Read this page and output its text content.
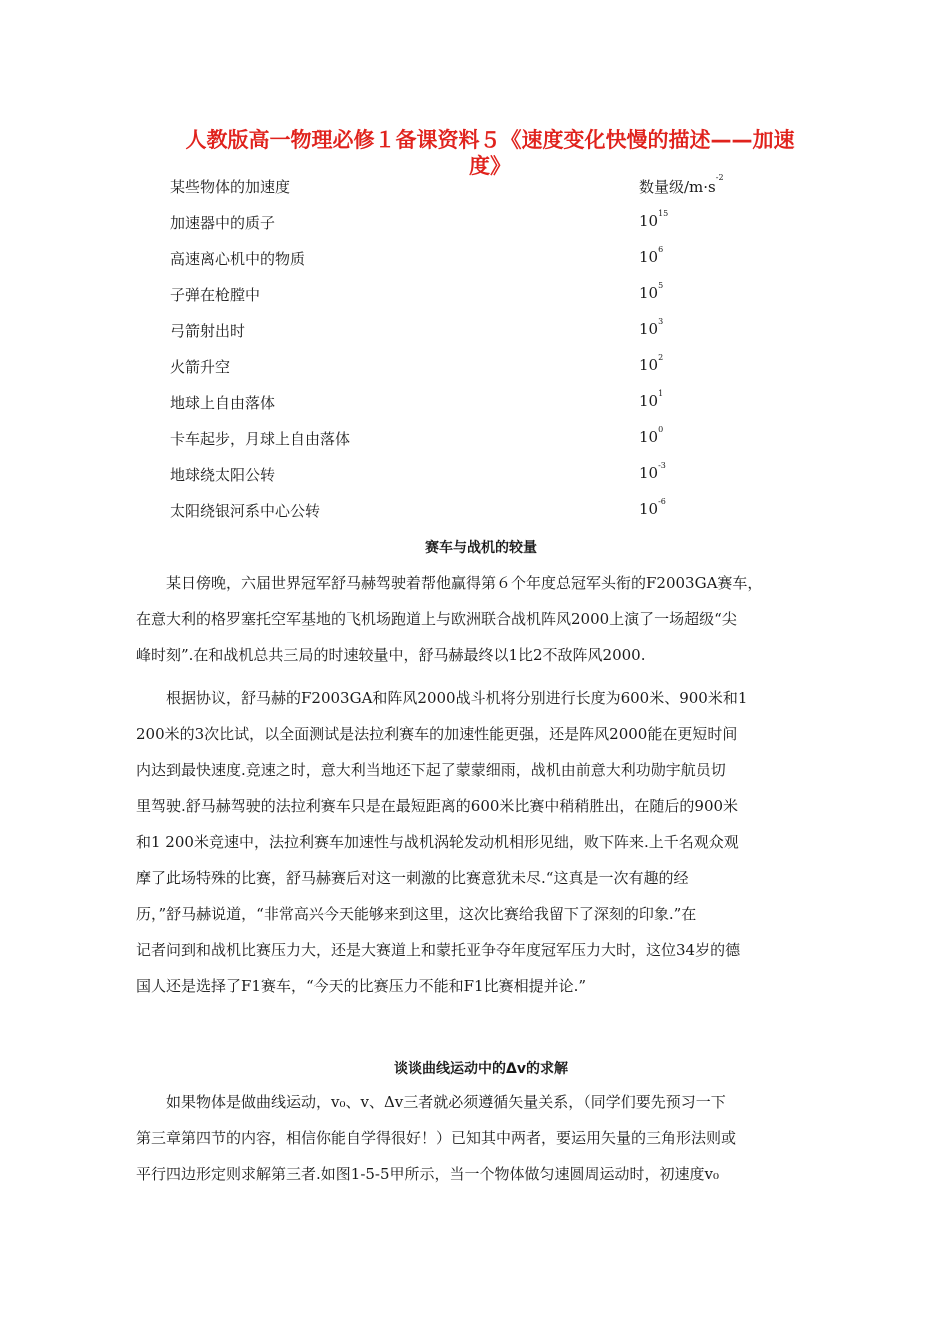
人教版高一物理必修１备课资料５《速度变化快慢的描述——加速
度》
某些物体的加速度	数量级$/m\cdot s^{-2}$
加速器中的质子	$10^{15}$
高速离心机中的物质	$10^6$
子弹在枪膛中	$10^5$
弓箭射出时	$10^3$
火箭升空	$10^2$
地球上自由落体	$10^1$
卡车起步，月球上自由落体	$10^0$
地球绕太阳公转	$10^{-3}$
太阳绕银河系中心公转	$10^{-6}$
赛车与战机的较量
　　某日傍晚，六届世界冠军舒马赫驾驶着帮他赢得第６个年度总冠军头衔的F2003GA赛车，
在意大利的格罗塞托空军基地的飞机场跑道上与欧洲联合战机阵风2000上演了一场超级“尖
峰时刻”.在和战机总共三局的时速较量中，舒马赫最终以1比2不敌阵风2000.
　　根据协议，舒马赫的F2003GA和阵风2000战斗机将分别进行长度为600米、900米和1
200米的3次比试，以全面测试是法拉利赛车的加速性能更强，还是阵风2000能在更短时间
内达到最快速度.竞速之时，意大利当地还下起了蒙蒙细雨，战机由前意大利功勋宇航员切
里驾驶.舒马赫驾驶的法拉利赛车只是在最短距离的600米比赛中稍稍胜出，在随后的900米
和1 200米竞速中，法拉利赛车加速性与战机涡轮发动机相形见绌，败下阵来.上千名观众观
摩了此场特殊的比赛，舒马赫赛后对这一刺激的比赛意犹未尽.“这真是一次有趣的经
历，”舒马赫说道，“非常高兴今天能够来到这里，这次比赛给我留下了深刻的印象.”在
记者问到和战机比赛压力大，还是大赛道上和蒙托亚争夺年度冠军压力大时，这位34岁的德
国人还是选择了F1赛车，“今天的比赛压力不能和F1比赛相提并论.”
谈谈曲线运动中的Δv的求解
　　如果物体是做曲线运动，v₀、v、Δv三者就必须遵循矢量关系，（同学们要先预习一下
第三章第四节的内容，相信你能自学得很好！）已知其中两者，要运用矢量的三角形法则或
平行四边形定则求解第三者.如图1-5-5甲所示，当一个物体做匀速圆周运动时，初速度v₀
